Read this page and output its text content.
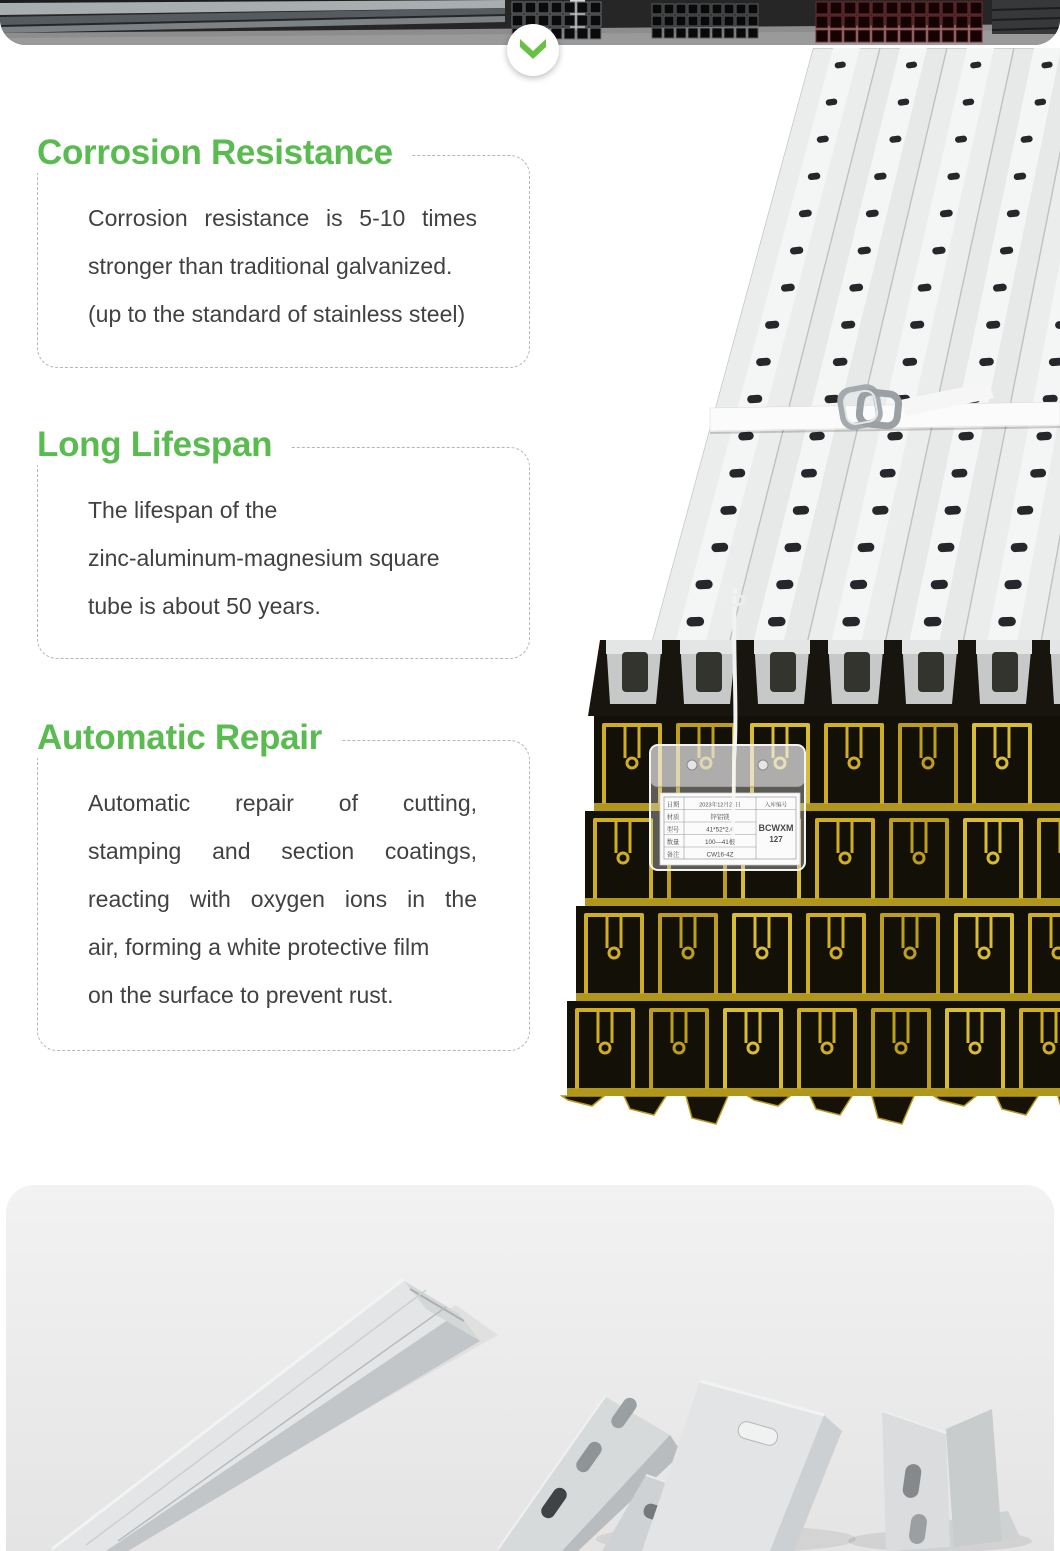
Corrosion Resistance
Corrosion resistance is 5-10 times
stronger than traditional galvanized.
(up to the standard of stainless steel)
Long Lifespan
The lifespan of the
zinc-aluminum-magnesium square
tube is about 50 years.
Automatic Repair
Automatic repair of cutting,
stamping and section coatings,
reacting with oxygen ions in the
air, forming a white protective film
on the surface to prevent rust.
日期	2023年12月22日	入库编号
材质	锌铝镁
型号	41*52*2.6
数量	100—41根
备注	CW16-4Z
BCWXM
127
